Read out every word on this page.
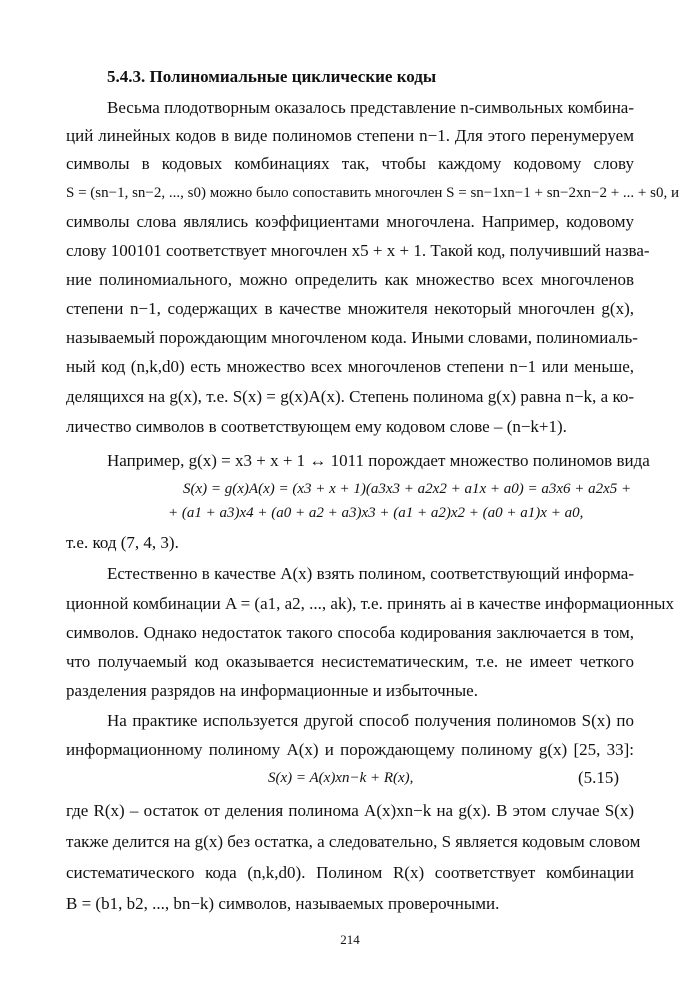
5.4.3. Полиномиальные циклические коды
Весьма плодотворным оказалось представление n-символьных комбина-
ций линейных кодов в виде полиномов степени n−1. Для этого перенумеруем
символы в кодовых комбинациях так, чтобы каждому кодовому слову
S = (sn−1, sn−2, ..., s0) можно было сопоставить многочлен S = sn−1xn−1 + sn−2xn−2 + ... + s0, и
символы слова являлись коэффициентами многочлена. Например, кодовому
слову 100101 соответствует многочлен x5 + x + 1. Такой код, получивший назва-
ние полиномиального, можно определить как множество всех многочленов
степени n−1, содержащих в качестве множителя некоторый многочлен g(x),
называемый порождающим многочленом кода. Иными словами, полиномиаль-
ный код (n,k,d0) есть множество всех многочленов степени n−1 или меньше,
делящихся на g(x), т.е. S(x) = g(x)A(x). Степень полинома g(x) равна n−k, а ко-
личество символов в соответствующем ему кодовом слове – (n−k+1).
Например, g(x) = x3 + x + 1 ↔ 1011 порождает множество полиномов вида
S(x) = g(x)A(x) = (x3 + x + 1)(a3x3 + a2x2 + a1x + a0) = a3x6 + a2x5 +
+ (a1 + a3)x4 + (a0 + a2 + a3)x3 + (a1 + a2)x2 + (a0 + a1)x + a0,
т.е. код (7, 4, 3).
Естественно в качестве A(x) взять полином, соответствующий информа-
ционной комбинации A = (a1, a2, ..., ak), т.е. принять ai в качестве информационных
символов. Однако недостаток такого способа кодирования заключается в том,
что получаемый код оказывается несистематическим, т.е. не имеет четкого
разделения разрядов на информационные и избыточные.
На практике используется другой способ получения полиномов S(x) по
информационному полиному A(x) и порождающему полиному g(x) [25, 33]:
S(x) = A(x)xn−k + R(x),	(5.15)
где R(x) – остаток от деления полинома A(x)xn−k на g(x). В этом случае S(x)
также делится на g(x) без остатка, а следовательно, S является кодовым словом
систематического кода (n,k,d0). Полином R(x) соответствует комбинации
B = (b1, b2, ..., bn−k) символов, называемых проверочными.
214
